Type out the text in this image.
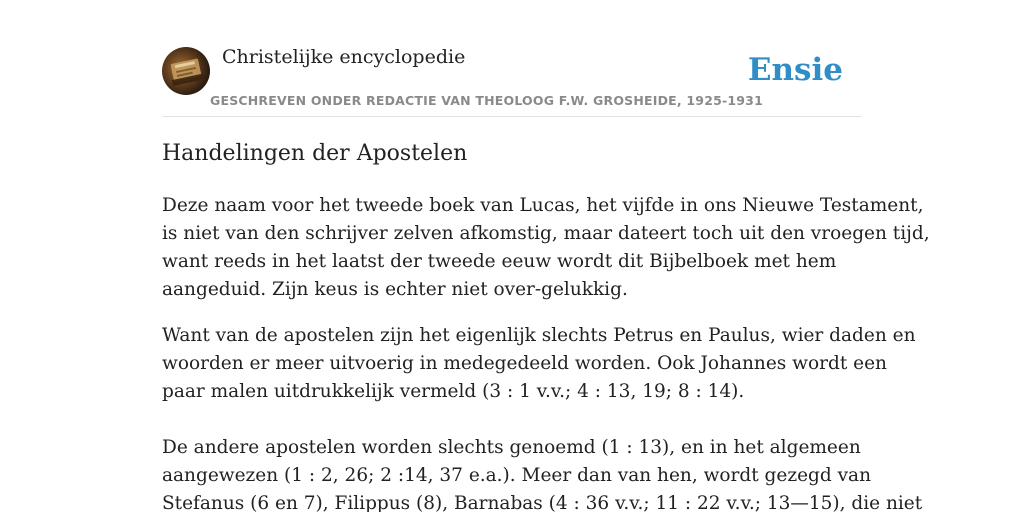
Christelijke encyclopedie
GESCHREVEN ONDER REDACTIE VAN THEOLOOG F.W. GROSHEIDE, 1925-1931
Ensie
Handelingen der Apostelen

Deze naam voor het tweede boek van Lucas, het vijfde in ons Nieuwe Testament,
is niet van den schrijver zelven afkomstig, maar dateert toch uit den vroegen tijd,
want reeds in het laatst der tweede eeuw wordt dit Bijbelboek met hem
aangeduid. Zijn keus is echter niet over-gelukkig.

Want van de apostelen zijn het eigenlijk slechts Petrus en Paulus, wier daden en
woorden er meer uitvoerig in medegedeeld worden. Ook Johannes wordt een
paar malen uitdrukkelijk vermeld (3 : 1 v.v.; 4 : 13, 19; 8 : 14).

De andere apostelen worden slechts genoemd (1 : 13), en in het algemeen
aangewezen (1 : 2, 26; 2 :14, 37 e.a.). Meer dan van hen, wordt gezegd van
Stefanus (6 en 7), Filippus (8), Barnabas (4 : 36 v.v.; 11 : 22 v.v.; 13—15), die niet
